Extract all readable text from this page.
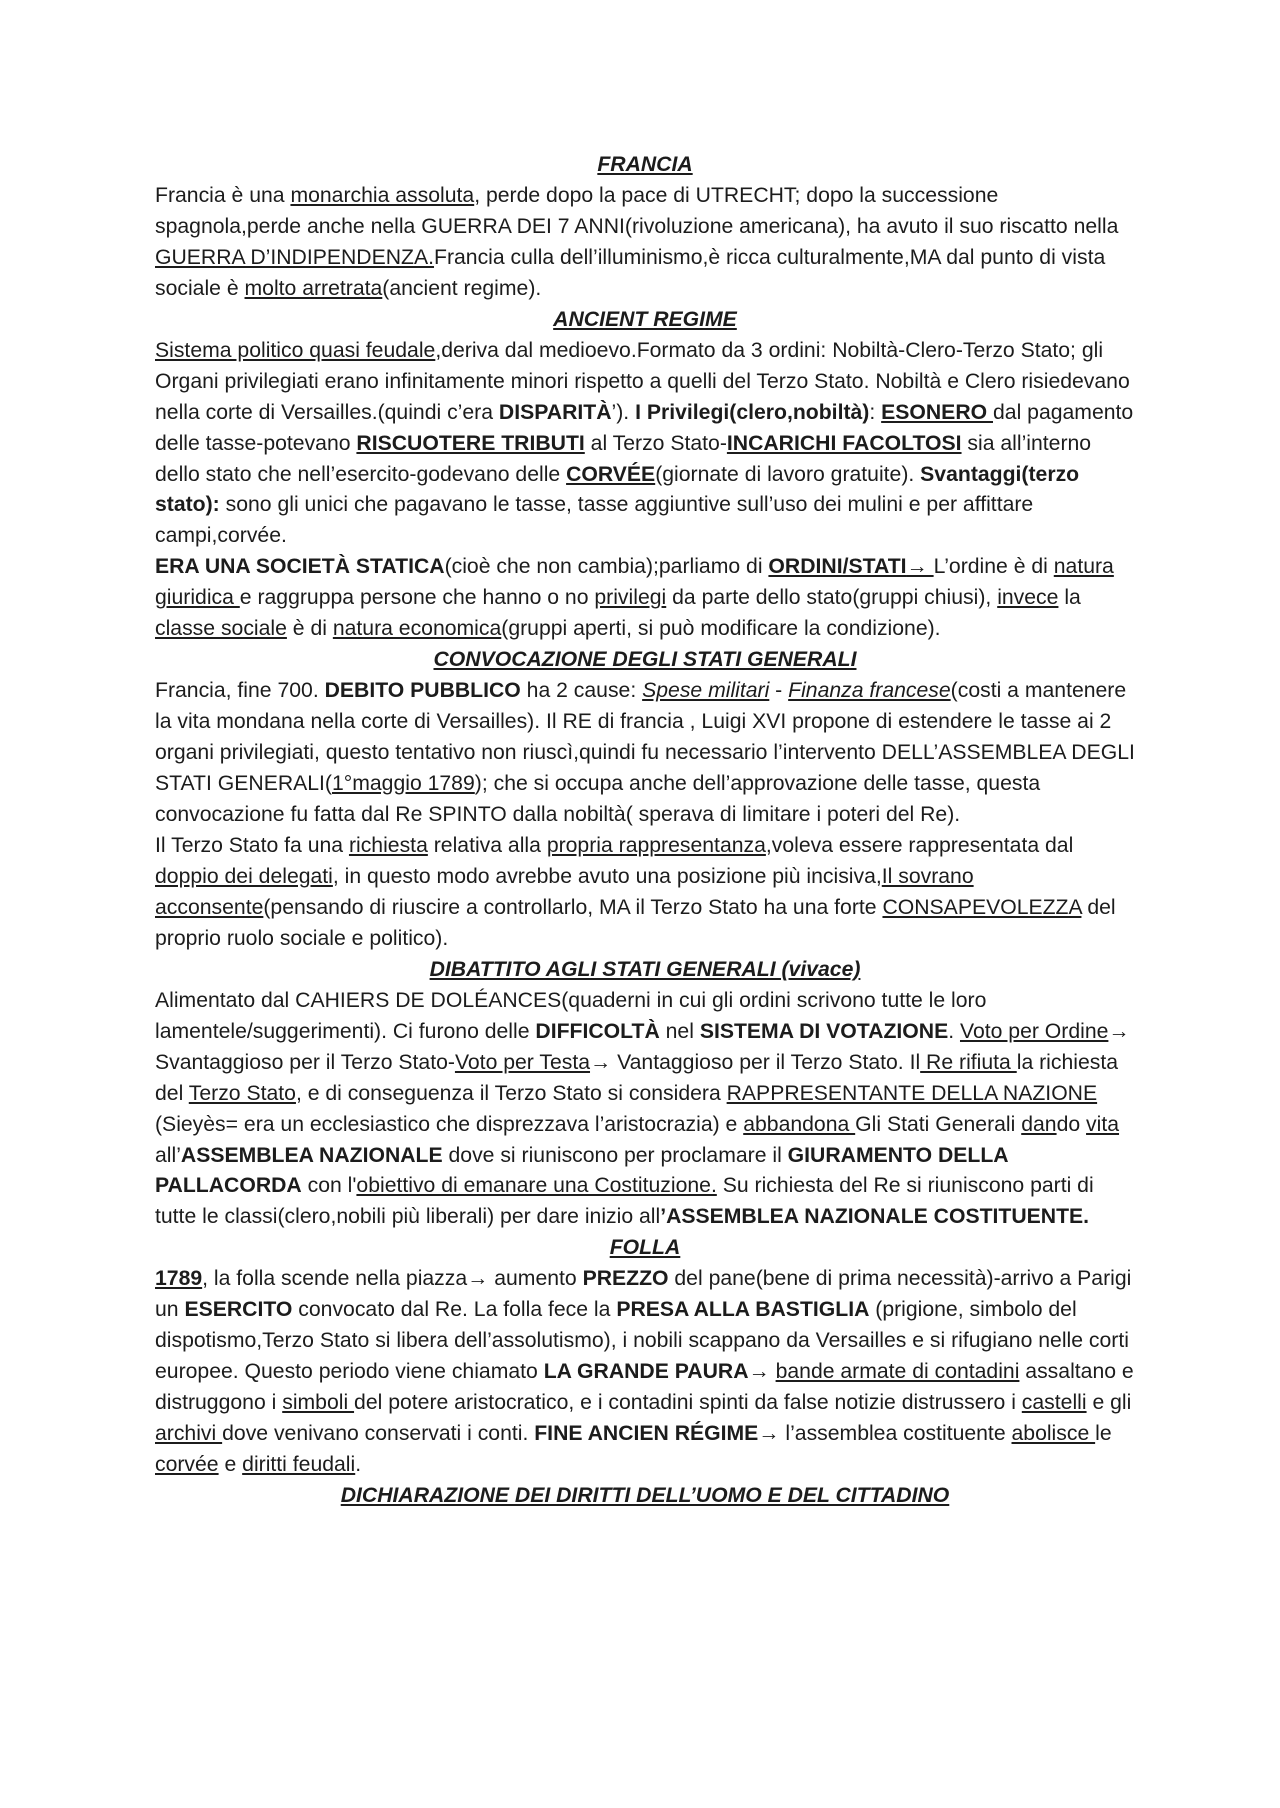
FRANCIA

Francia è una monarchia assoluta, perde dopo la pace di UTRECHT; dopo la successione spagnola,perde anche nella GUERRA DEI 7 ANNI(rivoluzione americana), ha avuto il suo riscatto nella GUERRA D’INDIPENDENZA.Francia culla dell’illuminismo,è ricca culturalmente,MA dal punto di vista sociale è molto arretrata(ancient regime).

ANCIENT REGIME

Sistema politico quasi feudale,deriva dal medioevo.Formato da 3 ordini: Nobiltà-Clero-Terzo Stato; gli Organi privilegiati erano infinitamente minori rispetto a quelli del Terzo Stato. Nobiltà e Clero risiedevano nella corte di Versailles.(quindi c’era DISPARITÀ’). I Privilegi(clero,nobiltà): ESONERO dal pagamento delle tasse-potevano RISCUOTERE TRIBUTI al Terzo Stato-INCARICHI FACOLTOSI sia all’interno dello stato che nell’esercito-godevano delle CORVÉE(giornate di lavoro gratuite). Svantaggi(terzo stato): sono gli unici che pagavano le tasse, tasse aggiuntive sull’uso dei mulini e per affittare campi,corvée.

ERA UNA SOCIETÀ STATICA(cioè che non cambia);parliamo di ORDINI/STATI→ L’ordine è di natura giuridica e raggruppa persone che hanno o no privilegi da parte dello stato(gruppi chiusi), invece la classe sociale è di natura economica(gruppi aperti, si può modificare la condizione).

CONVOCAZIONE DEGLI STATI GENERALI

Francia, fine 700. DEBITO PUBBLICO ha 2 cause: Spese militari - Finanza francese(costi a mantenere la vita mondana nella corte di Versailles). Il RE di francia , Luigi XVI propone di estendere le tasse ai 2 organi privilegiati, questo tentativo non riuscì,quindi fu necessario l’intervento DELL’ASSEMBLEA DEGLI STATI GENERALI(1°maggio 1789); che si occupa anche dell’approvazione delle tasse, questa convocazione fu fatta dal Re SPINTO dalla nobiltà( sperava di limitare i poteri del Re).

Il Terzo Stato fa una richiesta relativa alla propria rappresentanza,voleva essere rappresentata dal doppio dei delegati, in questo modo avrebbe avuto una posizione più incisiva,Il sovrano acconsente(pensando di riuscire a controllarlo, MA il Terzo Stato ha una forte CONSAPEVOLEZZA del proprio ruolo sociale e politico).

DIBATTITO AGLI STATI GENERALI (vivace)

Alimentato dal CAHIERS DE DOLÉANCES(quaderni in cui gli ordini scrivono tutte le loro lamentele/suggerimenti). Ci furono delle DIFFICOLTÀ nel SISTEMA DI VOTAZIONE. Voto per Ordine→ Svantaggioso per il Terzo Stato-Voto per Testa→ Vantaggioso per il Terzo Stato. Il Re rifiuta la richiesta del Terzo Stato, e di conseguenza il Terzo Stato si considera RAPPRESENTANTE DELLA NAZIONE (Sieyès= era un ecclesiastico che disprezzava l’aristocrazia) e abbandona Gli Stati Generali dando vita all’ASSEMBLEA NAZIONALE dove si riuniscono per proclamare il GIURAMENTO DELLA PALLACORDA con l'obiettivo di emanare una Costituzione. Su richiesta del Re si riuniscono parti di tutte le classi(clero,nobili più liberali) per dare inizio all’ASSEMBLEA NAZIONALE COSTITUENTE.

FOLLA

1789, la folla scende nella piazza→ aumento PREZZO del pane(bene di prima necessità)-arrivo a Parigi un ESERCITO convocato dal Re. La folla fece la PRESA ALLA BASTIGLIA (prigione, simbolo del dispotismo,Terzo Stato si libera dell’assolutismo), i nobili scappano da Versailles e si rifugiano nelle corti europee. Questo periodo viene chiamato LA GRANDE PAURA→ bande armate di contadini assaltano e distruggono i simboli del potere aristocratico, e i contadini spinti da false notizie distrussero i castelli e gli archivi dove venivano conservati i conti. FINE ANCIEN RÉGIME→ l’assemblea costituente abolisce le corvée e diritti feudali.

DICHIARAZIONE DEI DIRITTI DELL’UOMO E DEL CITTADINO
